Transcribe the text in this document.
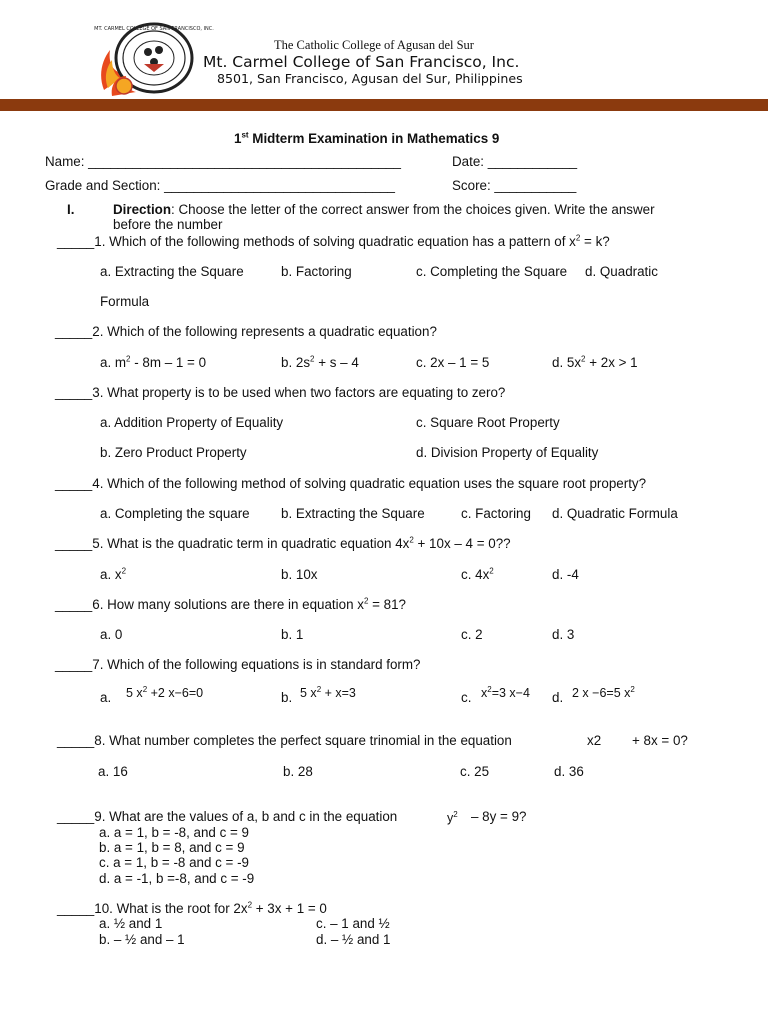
MT. CARMEL COLLEGE OF SAN FRANCISCO, INC.
The Catholic College of Agusan del Sur
Mt. Carmel College of San Francisco, Inc.
8501, San Francisco, Agusan del Sur, Philippines
1st Midterm Examination in Mathematics 9
Name: __________________________________________	Date: ____________
Grade and Section: _______________________________	Score: ___________
I.	Direction: Choose the letter of the correct answer from the choices given. Write the answer
before the number
_____1. Which of the following methods of solving quadratic equation has a pattern of $x^2 = k$?
a. Extracting the Square	b. Factoring	c. Completing the Square d. Quadratic
Formula
_____2. Which of the following represents a quadratic equation?
a. $m^2 - 8m - 1 = 0$	b. $2s^2 + s - 4$	c. 2x – 1 = 5	d. $5x^2 + 2x > 1$
_____3. What property is to be used when two factors are equating to zero?
a. Addition Property of Equality	c. Square Root Property
b. Zero Product Property	d. Division Property of Equality
_____4. Which of the following method of solving quadratic equation uses the square root property?
a. Completing the square b. Extracting the Square	c. Factoring d. Quadratic Formula
_____5. What is the quadratic term in quadratic equation $4x^2 + 10x - 4 = 0$??
a. $x^2$	b. 10x	c. $4x^2$	d. -4
_____6. How many solutions are there in equation $x^2 = 81$?
a. 0	b. 1	c. 2	d. 3
_____7. Which of the following equations is in standard form?
a. 5 $x^2 +2$ x−6=0	b. 5 $x^2 + x=3$	c. $x^2=3$ x−4 d. 2 x −6=5 $x^2$
_____8. What number completes the perfect square trinomial in the equation	x2 + 8x = 0?
a. 16	b. 28	c. 25	d. 36
_____9. What are the values of a, b and c in the equation	$y^2 - 8y = 9$?
a. a = 1, b = -8, and c = 9
b. a = 1, b = 8, and c = 9
c. a = 1, b = -8 and c = -9
d. a = -1, b =-8, and c = -9
_____10. What is the root for $2x^2 + 3x + 1 = 0$
a. ½ and 1	c. – 1 and ½
b. – ½ and – 1	d. – ½ and 1
